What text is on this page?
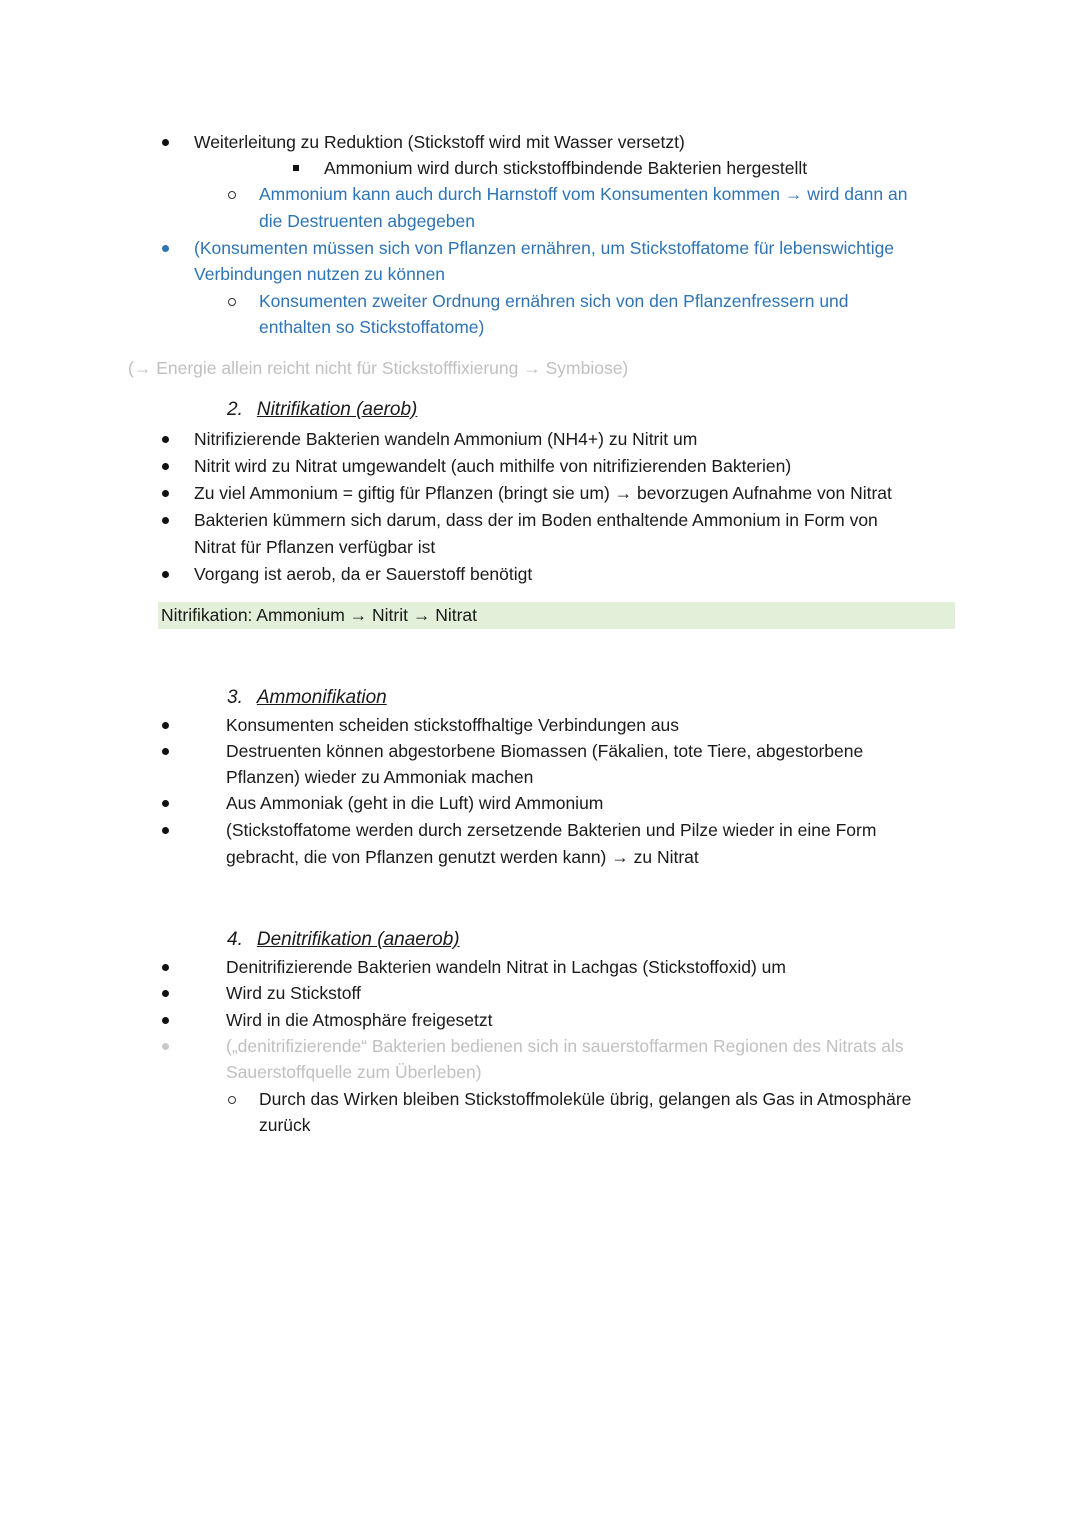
Weiterleitung zu Reduktion (Stickstoff wird mit Wasser versetzt)
Ammonium wird durch stickstoffbindende Bakterien hergestellt
Ammonium kann auch durch Harnstoff vom Konsumenten kommen → wird dann an
die Destruenten abgegeben
(Konsumenten müssen sich von Pflanzen ernähren, um Stickstoffatome für lebenswichtige
Verbindungen nutzen zu können
Konsumenten zweiter Ordnung ernähren sich von den Pflanzenfressern und
enthalten so Stickstoffatome)
(→ Energie allein reicht nicht für Stickstofffixierung → Symbiose)
2. Nitrifikation (aerob)
Nitrifizierende Bakterien wandeln Ammonium (NH4+) zu Nitrit um
Nitrit wird zu Nitrat umgewandelt (auch mithilfe von nitrifizierenden Bakterien)
Zu viel Ammonium = giftig für Pflanzen (bringt sie um) → bevorzugen Aufnahme von Nitrat
Bakterien kümmern sich darum, dass der im Boden enthaltende Ammonium in Form von
Nitrat für Pflanzen verfügbar ist
Vorgang ist aerob, da er Sauerstoff benötigt
Nitrifikation: Ammonium → Nitrit → Nitrat
3. Ammonifikation
Konsumenten scheiden stickstoffhaltige Verbindungen aus
Destruenten können abgestorbene Biomassen (Fäkalien, tote Tiere, abgestorbene
Pflanzen) wieder zu Ammoniak machen
Aus Ammoniak (geht in die Luft) wird Ammonium
(Stickstoffatome werden durch zersetzende Bakterien und Pilze wieder in eine Form
gebracht, die von Pflanzen genutzt werden kann) → zu Nitrat
4. Denitrifikation (anaerob)
Denitrifizierende Bakterien wandeln Nitrat in Lachgas (Stickstoffoxid) um
Wird zu Stickstoff
Wird in die Atmosphäre freigesetzt
(„denitrifizierende“ Bakterien bedienen sich in sauerstoffarmen Regionen des Nitrats als
Sauerstoffquelle zum Überleben)
Durch das Wirken bleiben Stickstoffmoleküle übrig, gelangen als Gas in Atmosphäre
zurück
